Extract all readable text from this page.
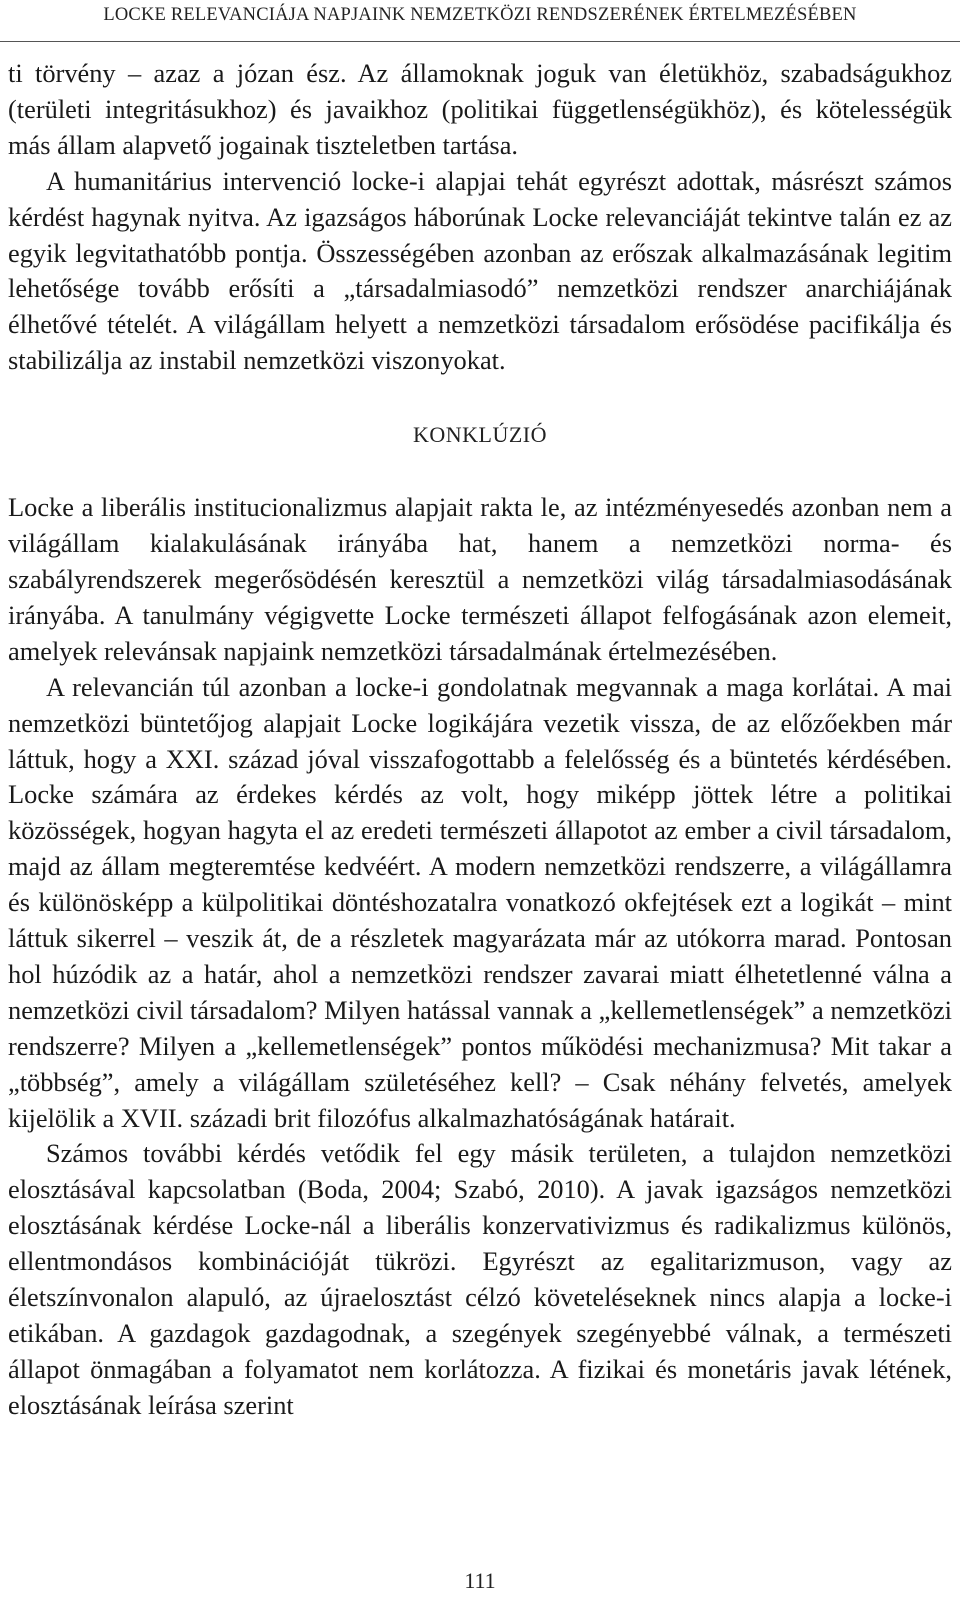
LOCKE RELEVANCIÁJA NAPJAINK NEMZETKÖZI RENDSZERÉNEK ÉRTELMEZÉSÉBEN

ti törvény – azaz a józan ész. Az államoknak joguk van életükhöz, szabadságukhoz (területi integritásukhoz) és javaikhoz (politikai függetlenségükhöz), és kötelességük más állam alapvető jogainak tiszteletben tartása.

A humanitárius intervenció locke-i alapjai tehát egyrészt adottak, másrészt számos kérdést hagynak nyitva. Az igazságos háborúnak Locke relevanciáját tekintve talán ez az egyik legvitathatóbb pontja. Összességében azonban az erőszak alkalmazásának legitim lehetősége tovább erősíti a „társadalmiasodó” nemzetközi rendszer anarchiájának élhetővé tételét. A világállam helyett a nemzetközi társadalom erősödése pacifikálja és stabilizálja az instabil nemzetközi viszonyokat.

KONKLÚZIÓ

Locke a liberális institucionalizmus alapjait rakta le, az intézményesedés azonban nem a világállam kialakulásának irányába hat, hanem a nemzetközi norma- és szabályrendszerek megerősödésén keresztül a nemzetközi világ társadalmiasodásának irányába. A tanulmány végigvette Locke természeti állapot felfogásának azon elemeit, amelyek relevánsak napjaink nemzetközi társadalmának értelmezésében.

A relevancián túl azonban a locke-i gondolatnak megvannak a maga korlátai. A mai nemzetközi büntetőjog alapjait Locke logikájára vezetik vissza, de az előzőekben már láttuk, hogy a XXI. század jóval visszafogottabb a felelősség és a büntetés kérdésében. Locke számára az érdekes kérdés az volt, hogy miképp jöttek létre a politikai közösségek, hogyan hagyta el az eredeti természeti állapotot az ember a civil társadalom, majd az állam megteremtése kedvéért. A modern nemzetközi rendszerre, a világállamra és különösképp a külpolitikai döntéshozatalra vonatkozó okfejtések ezt a logikát – mint láttuk sikerrel – veszik át, de a részletek magyarázata már az utókorra marad. Pontosan hol húzódik az a határ, ahol a nemzetközi rendszer zavarai miatt élhetetlenné válna a nemzetközi civil társadalom? Milyen hatással vannak a „kellemetlenségek” a nemzetközi rendszerre? Milyen a „kellemetlenségek” pontos működési mechanizmusa? Mit takar a „többség”, amely a világállam születéséhez kell? – Csak néhány felvetés, amelyek kijelölik a XVII. századi brit filozófus alkalmazhatóságának határait.

Számos további kérdés vetődik fel egy másik területen, a tulajdon nemzetközi elosztásával kapcsolatban (Boda, 2004; Szabó, 2010). A javak igazságos nemzetközi elosztásának kérdése Locke-nál a liberális konzervativizmus és radikalizmus különös, ellentmondásos kombinációját tükrözi. Egyrészt az egalitarizmuson, vagy az életszínvonalon alapuló, az újraelosztást célzó követeléseknek nincs alapja a locke-i etikában. A gazdagok gazdagodnak, a szegények szegényebbé válnak, a természeti állapot önmagában a folyamatot nem korlátozza. A fizikai és monetáris javak létének, elosztásának leírása szerint

111
